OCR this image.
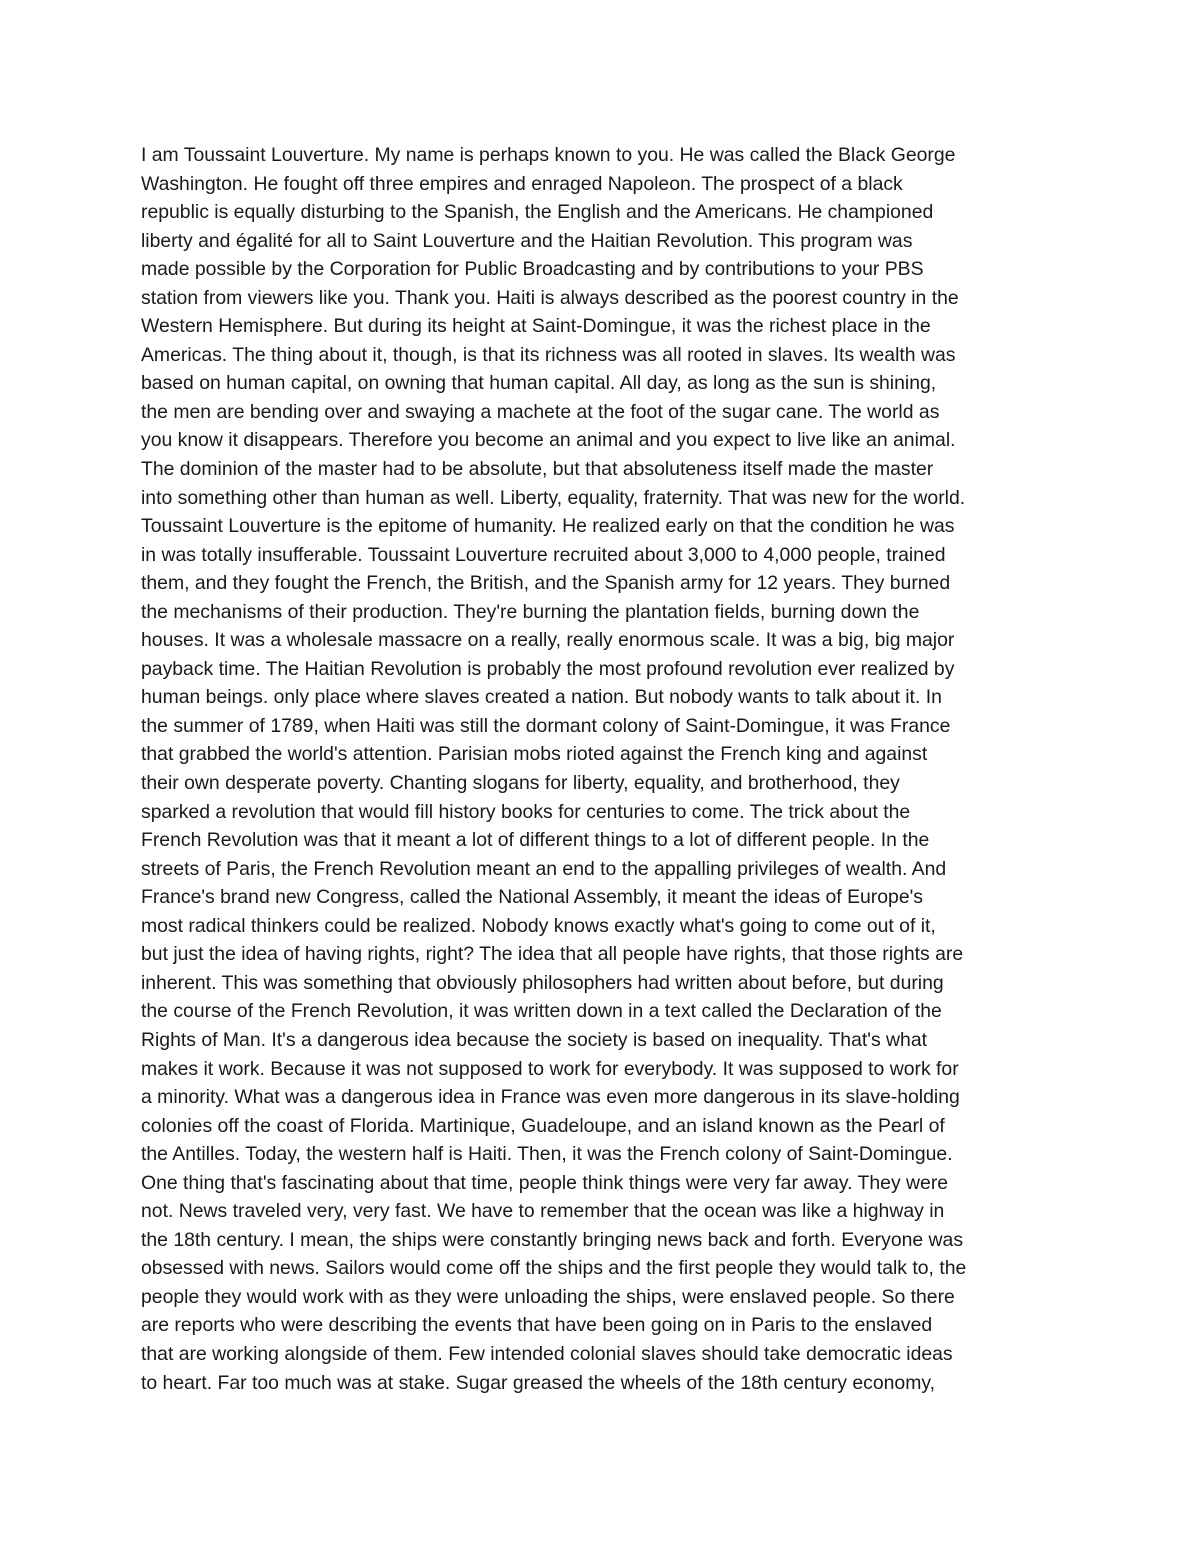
I am Toussaint Louverture. My name is perhaps known to you. He was called the Black George
Washington. He fought off three empires and enraged Napoleon. The prospect of a black
republic is equally disturbing to the Spanish, the English and the Americans. He championed
liberty and égalité for all to Saint Louverture and the Haitian Revolution. This program was
made possible by the Corporation for Public Broadcasting and by contributions to your PBS
station from viewers like you. Thank you. Haiti is always described as the poorest country in the
Western Hemisphere. But during its height at Saint-Domingue, it was the richest place in the
Americas. The thing about it, though, is that its richness was all rooted in slaves. Its wealth was
based on human capital, on owning that human capital. All day, as long as the sun is shining,
the men are bending over and swaying a machete at the foot of the sugar cane. The world as
you know it disappears. Therefore you become an animal and you expect to live like an animal.
The dominion of the master had to be absolute, but that absoluteness itself made the master
into something other than human as well. Liberty, equality, fraternity. That was new for the world.
Toussaint Louverture is the epitome of humanity. He realized early on that the condition he was
in was totally insufferable. Toussaint Louverture recruited about 3,000 to 4,000 people, trained
them, and they fought the French, the British, and the Spanish army for 12 years. They burned
the mechanisms of their production. They're burning the plantation fields, burning down the
houses. It was a wholesale massacre on a really, really enormous scale. It was a big, big major
payback time. The Haitian Revolution is probably the most profound revolution ever realized by
human beings. only place where slaves created a nation. But nobody wants to talk about it. In
the summer of 1789, when Haiti was still the dormant colony of Saint-Domingue, it was France
that grabbed the world's attention. Parisian mobs rioted against the French king and against
their own desperate poverty. Chanting slogans for liberty, equality, and brotherhood, they
sparked a revolution that would fill history books for centuries to come. The trick about the
French Revolution was that it meant a lot of different things to a lot of different people. In the
streets of Paris, the French Revolution meant an end to the appalling privileges of wealth. And
France's brand new Congress, called the National Assembly, it meant the ideas of Europe's
most radical thinkers could be realized. Nobody knows exactly what's going to come out of it,
but just the idea of having rights, right? The idea that all people have rights, that those rights are
inherent. This was something that obviously philosophers had written about before, but during
the course of the French Revolution, it was written down in a text called the Declaration of the
Rights of Man. It's a dangerous idea because the society is based on inequality. That's what
makes it work. Because it was not supposed to work for everybody. It was supposed to work for
a minority. What was a dangerous idea in France was even more dangerous in its slave-holding
colonies off the coast of Florida. Martinique, Guadeloupe, and an island known as the Pearl of
the Antilles. Today, the western half is Haiti. Then, it was the French colony of Saint-Domingue.
One thing that's fascinating about that time, people think things were very far away. They were
not. News traveled very, very fast. We have to remember that the ocean was like a highway in
the 18th century. I mean, the ships were constantly bringing news back and forth. Everyone was
obsessed with news. Sailors would come off the ships and the first people they would talk to, the
people they would work with as they were unloading the ships, were enslaved people. So there
are reports who were describing the events that have been going on in Paris to the enslaved
that are working alongside of them. Few intended colonial slaves should take democratic ideas
to heart. Far too much was at stake. Sugar greased the wheels of the 18th century economy,
